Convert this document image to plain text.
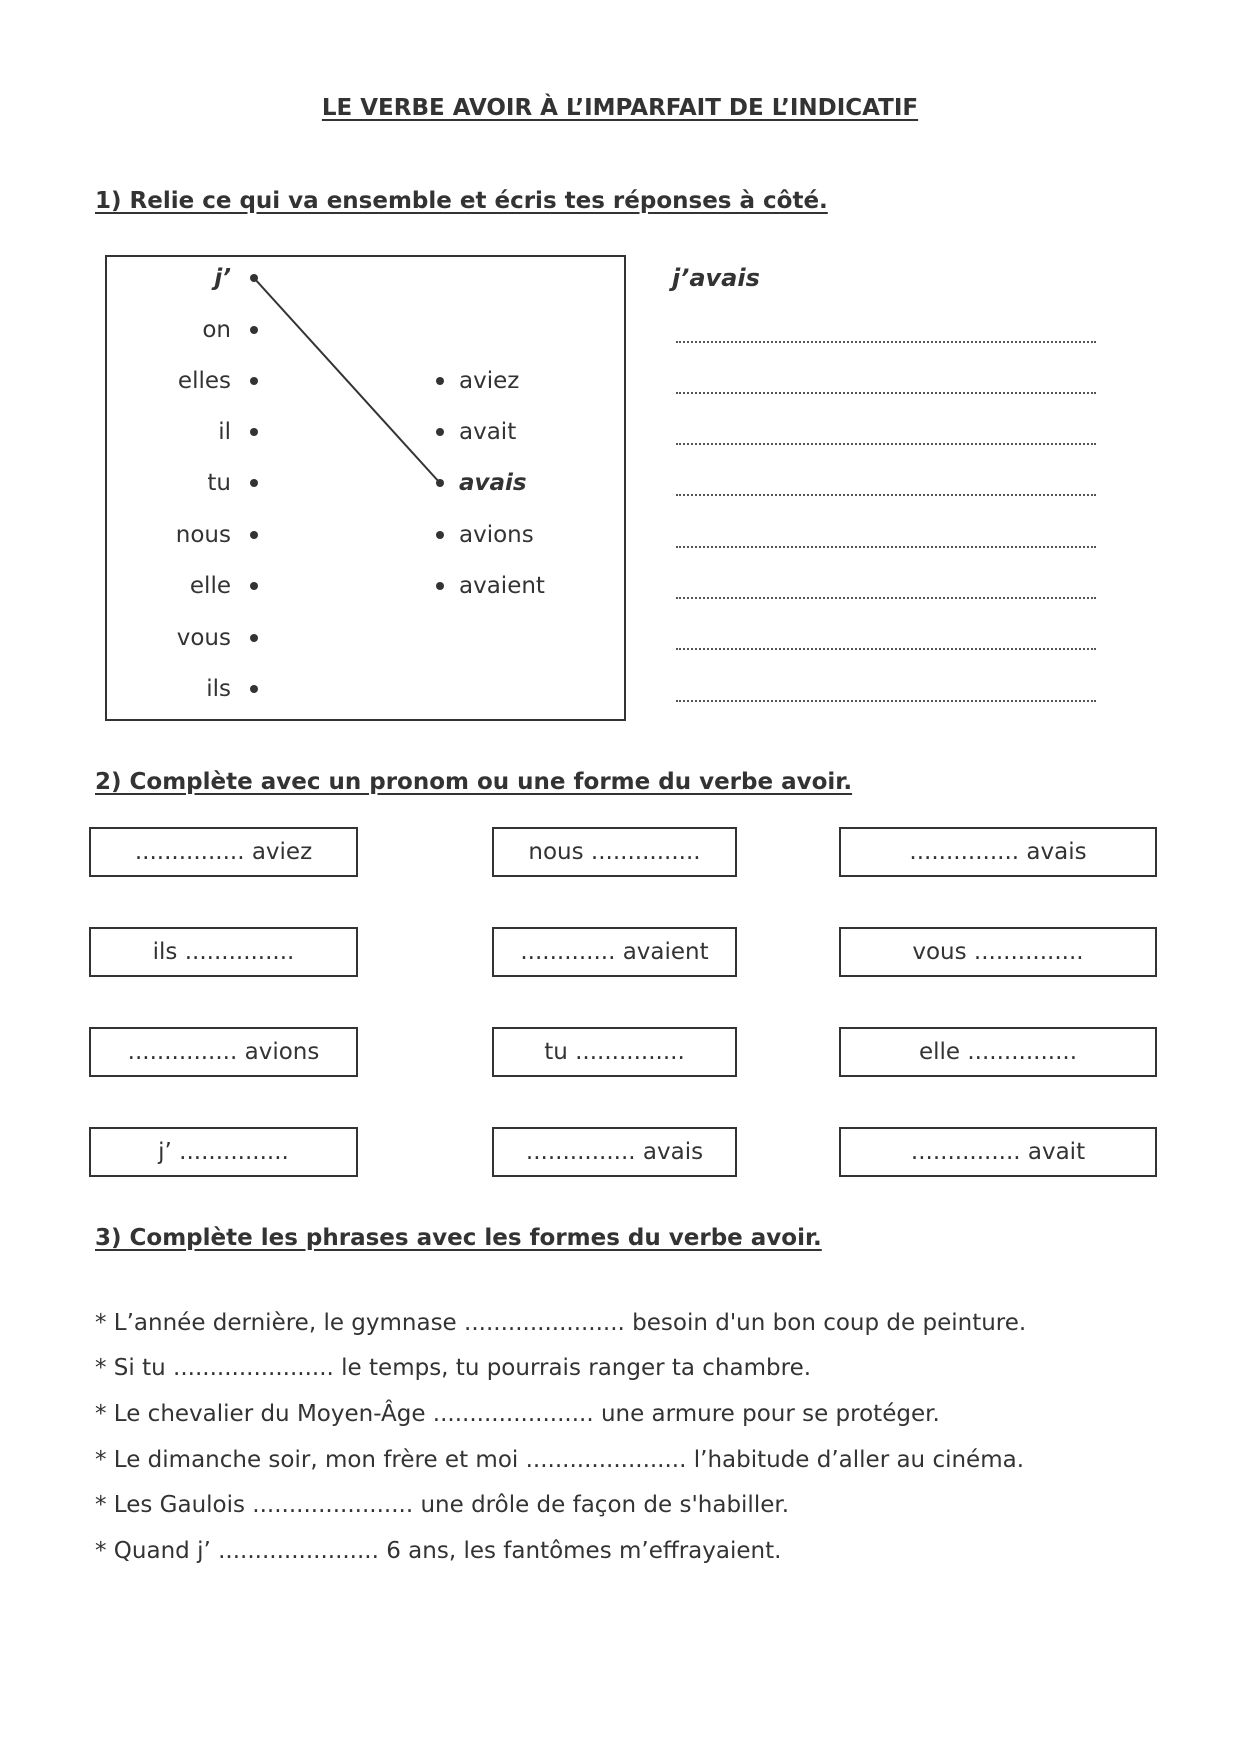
LE VERBE AVOIR À L’IMPARFAIT DE L’INDICATIF
1) Relie ce qui va ensemble et écris tes réponses à côté.
j’
on
elles
il
tu
nous
elle
vous
ils
aviez
avait
avais
avions
avaient
j’avais
2) Complète avec un pronom ou une forme du verbe avoir.
............... aviez	nous ...............	............... avais
ils ...............	............. avaient	vous ...............
............... avions	tu ...............	elle ...............
j’ ...............	............... avais	............... avait
3) Complète les phrases avec les formes du verbe avoir.
* L’année dernière, le gymnase ...................... besoin d'un bon coup de peinture.
* Si tu ...................... le temps, tu pourrais ranger ta chambre.
* Le chevalier du Moyen-Âge ...................... une armure pour se protéger.
* Le dimanche soir, mon frère et moi ...................... l’habitude d’aller au cinéma.
* Les Gaulois ...................... une drôle de façon de s'habiller.
* Quand j’ ...................... 6 ans, les fantômes m’effrayaient.
